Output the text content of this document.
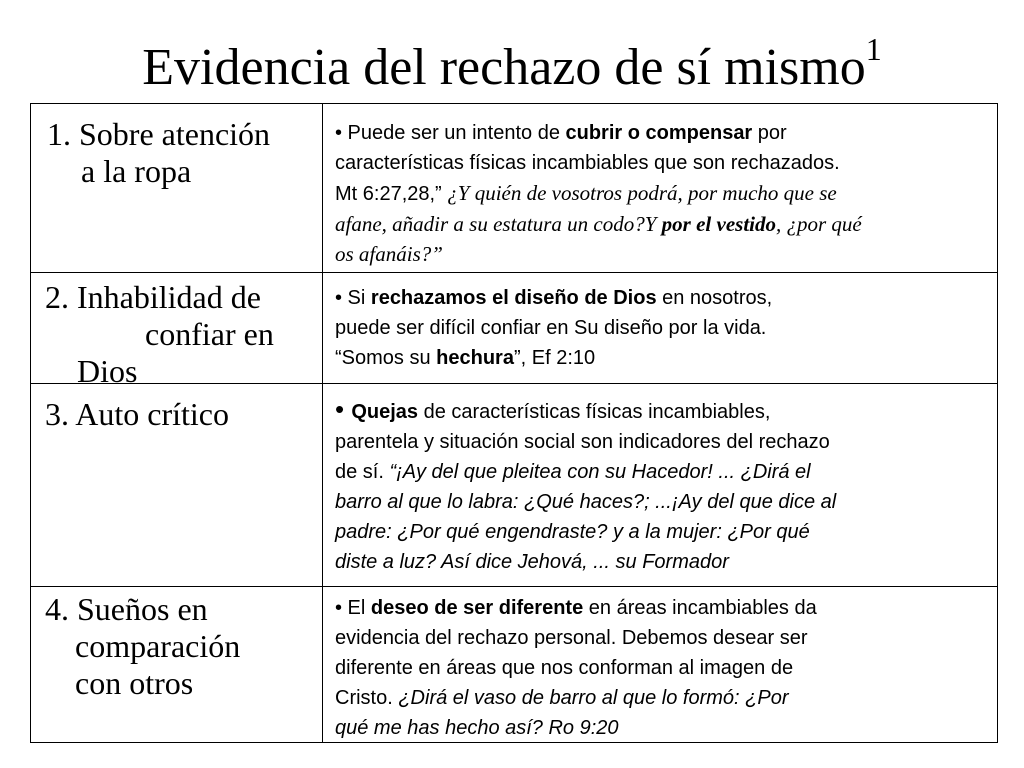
Evidencia del rechazo de sí mismo$^1$
1. Sobre atención
a la ropa
• Puede ser un intento de cubrir o compensar por
características físicas incambiables que son rechazados.
Mt 6:27,28,” ¿Y quién de vosotros podrá, por mucho que se
afane, añadir a su estatura un codo?Y por el vestido, ¿por qué
os afanáis?”
2. Inhabilidad de
confiar en
Dios
• Si rechazamos el diseño de Dios en nosotros,
puede ser difícil confiar en Su diseño por la vida.
“Somos su hechura”, Ef 2:10
3. Auto crítico	• Quejas de características físicas incambiables,
parentela y situación social son indicadores del rechazo
de sí. “¡Ay del que pleitea con su Hacedor! ... ¿Dirá el
barro al que lo labra: ¿Qué haces?; ...¡Ay del que dice al
padre: ¿Por qué engendraste? y a la mujer: ¿Por qué
diste a luz? Así dice Jehová, ... su Formador
4. Sueños en
comparación
con otros
• El deseo de ser diferente en áreas incambiables da
evidencia del rechazo personal. Debemos desear ser
diferente en áreas que nos conforman al imagen de
Cristo. ¿Dirá el vaso de barro al que lo formó: ¿Por
qué me has hecho así? Ro 9:20
